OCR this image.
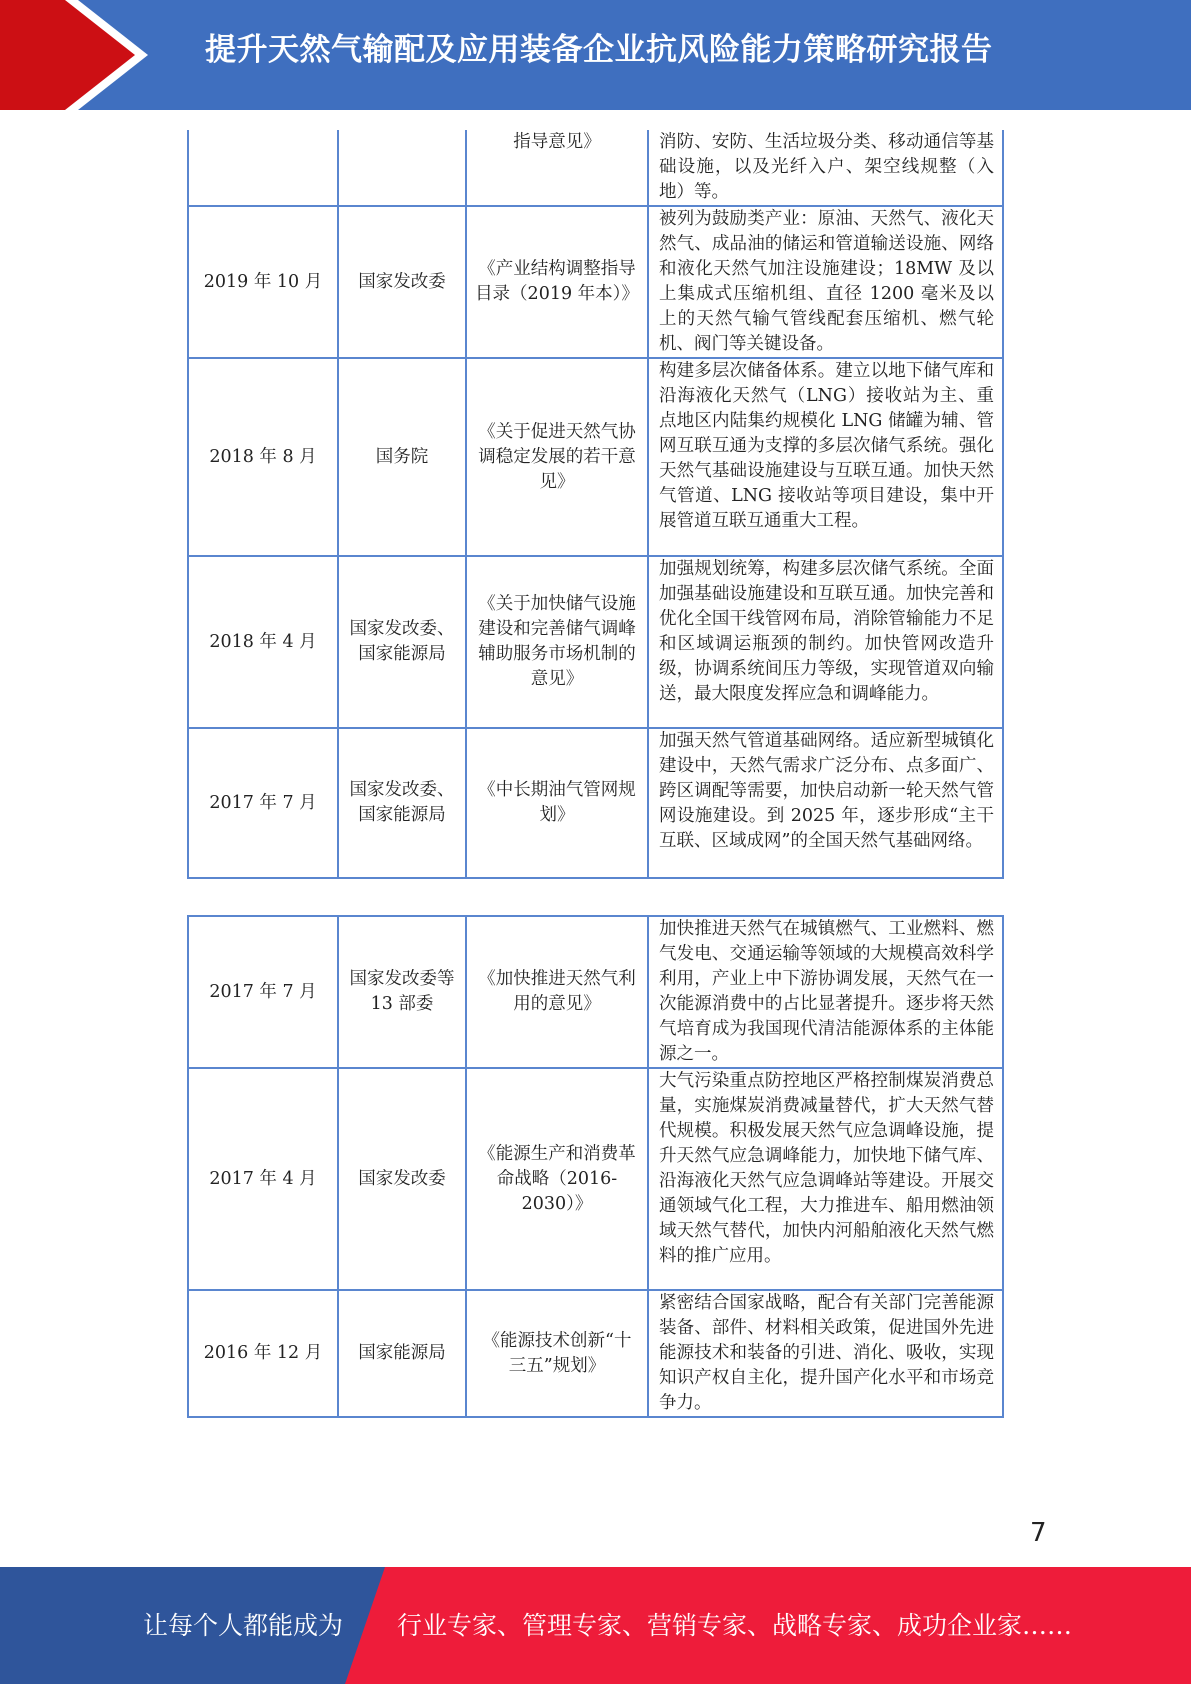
提升天然气输配及应用装备企业抗风险能力策略研究报告
		指导意见》	消防、安防、生活垃圾分类、移动通信等基础设施，以及光纤入户、架空线规整（入地）等。
2019 年 10 月	国家发改委	《产业结构调整指导目录（2019 年本）》	被列为鼓励类产业：原油、天然气、液化天然气、成品油的储运和管道输送设施、网络和液化天然气加注设施建设；18MW 及以上集成式压缩机组、直径 1200 毫米及以上的天然气输气管线配套压缩机、燃气轮机、阀门等关键设备。
2018 年 8 月	国务院	《关于促进天然气协调稳定发展的若干意见》	构建多层次储备体系。建立以地下储气库和沿海液化天然气（LNG）接收站为主、重点地区内陆集约规模化 LNG 储罐为辅、管网互联互通为支撑的多层次储气系统。强化天然气基础设施建设与互联互通。加快天然气管道、LNG 接收站等项目建设，集中开展管道互联互通重大工程。
2018 年 4 月	国家发改委、国家能源局	《关于加快储气设施建设和完善储气调峰辅助服务市场机制的意见》	加强规划统筹，构建多层次储气系统。全面加强基础设施建设和互联互通。加快完善和优化全国干线管网布局，消除管输能力不足和区域调运瓶颈的制约。加快管网改造升级，协调系统间压力等级，实现管道双向输送，最大限度发挥应急和调峰能力。
2017 年 7 月	国家发改委、国家能源局	《中长期油气管网规划》	加强天然气管道基础网络。适应新型城镇化建设中，天然气需求广泛分布、点多面广、跨区调配等需要，加快启动新一轮天然气管网设施建设。到 2025 年，逐步形成“主干互联、区域成网”的全国天然气基础网络。
2017 年 7 月	国家发改委等 13 部委	《加快推进天然气利用的意见》	加快推进天然气在城镇燃气、工业燃料、燃气发电、交通运输等领域的大规模高效科学利用，产业上中下游协调发展，天然气在一次能源消费中的占比显著提升。逐步将天然气培育成为我国现代清洁能源体系的主体能源之一。
2017 年 4 月	国家发改委	《能源生产和消费革命战略（2016-2030）》	大气污染重点防控地区严格控制煤炭消费总量，实施煤炭消费减量替代，扩大天然气替代规模。积极发展天然气应急调峰设施，提升天然气应急调峰能力，加快地下储气库、沿海液化天然气应急调峰站等建设。开展交通领域气化工程，大力推进车、船用燃油领域天然气替代，加快内河船舶液化天然气燃料的推广应用。
2016 年 12 月	国家能源局	《能源技术创新“十三五”规划》	紧密结合国家战略，配合有关部门完善能源装备、部件、材料相关政策，促进国外先进能源技术和装备的引进、消化、吸收，实现知识产权自主化，提升国产化水平和市场竞争力。
7
让每个人都能成为 行业专家、管理专家、营销专家、战略专家、成功企业家……
